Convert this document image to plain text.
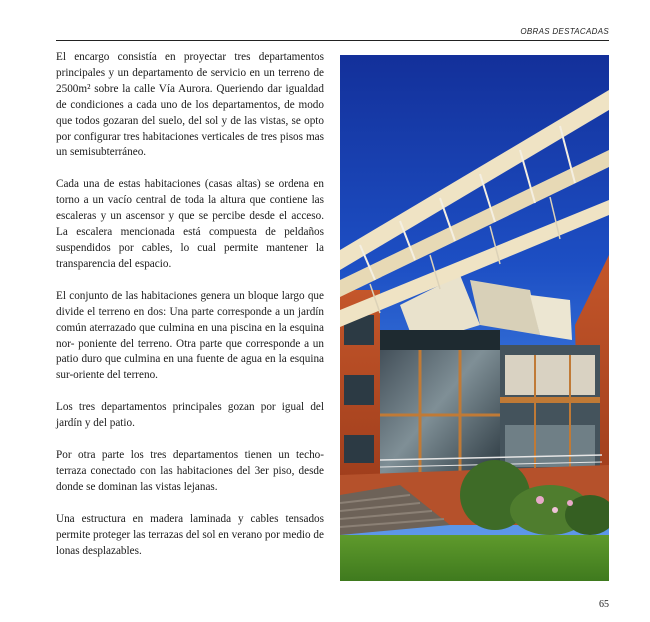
OBRAS DESTACADAS

El encargo consistía en proyectar tres departamentos principales y un departamento de servicio en un terreno de 2500m² sobre la calle Vía Aurora. Queriendo dar igualdad de condiciones a cada uno de los departamentos, de modo que todos gozaran del suelo, del sol y de las vistas, se opto por configurar tres habitaciones verticales de tres pisos mas un semisubterráneo.

Cada una de estas habitaciones (casas altas) se ordena en torno a un vacío central de toda la altura que contiene las escaleras y un ascensor y que se percibe desde el acceso. La escalera mencionada está compuesta de peldaños suspendidos por cables, lo cual permite mantener la transparencia del espacio.

El conjunto de las habitaciones genera un bloque largo que divide el terreno en dos: Una parte corresponde a un jardín común aterrazado que culmina en una piscina en la esquina nor- poniente del terreno. Otra parte que corresponde a un patio duro que culmina en una fuente de agua en la esquina sur-oriente del terreno.

Los tres departamentos principales gozan por igual del jardín y del patio.

Por otra parte los tres departamentos tienen un techo-terraza conectado con las habitaciones del 3er piso, desde donde se dominan las vistas lejanas.

Una estructura en madera laminada y cables tensados permite proteger las terrazas del sol en verano por medio de lonas desplazables.

65
